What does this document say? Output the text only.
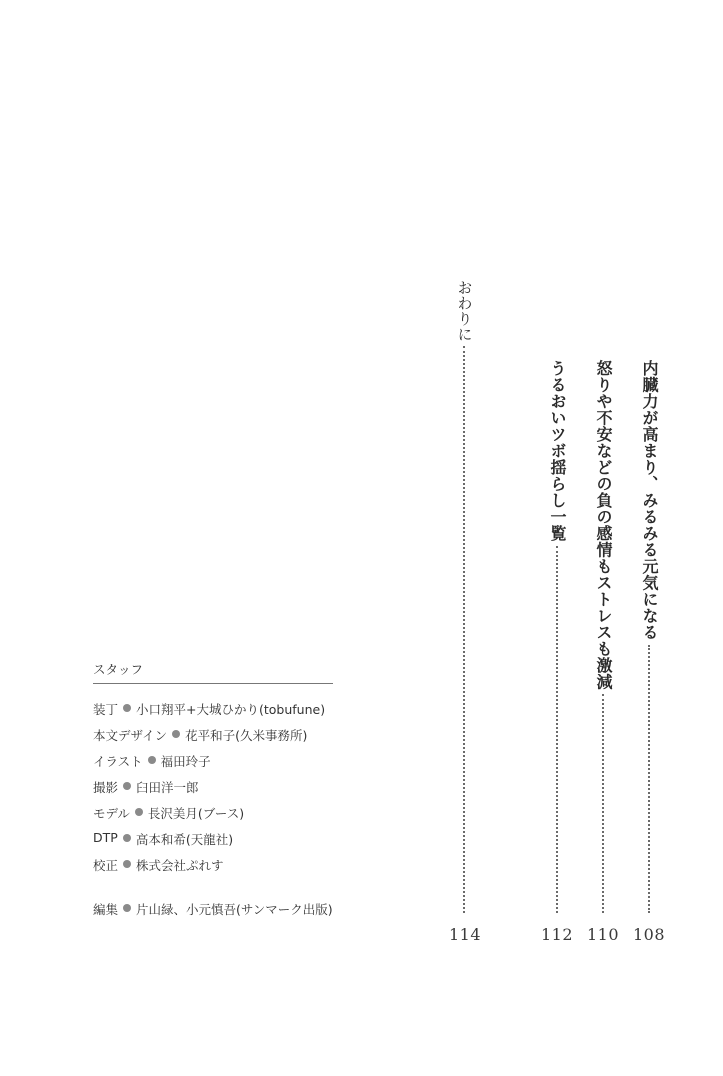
内臓力が高まり、みるみる元気になる
108
怒りや不安などの負の感情もストレスも激減
110
うるおいツボ揺らし一覧
112
おわりに
114
スタッフ
装丁 小口翔平+大城ひかり(tobufune)
本文デザイン 花平和子(久米事務所)
イラスト 福田玲子
撮影 臼田洋一郎
モデル 長沢美月(ブース)
DTP 高本和希(天龍社)
校正 株式会社ぷれす
編集 片山緑、小元慎吾(サンマーク出版)
